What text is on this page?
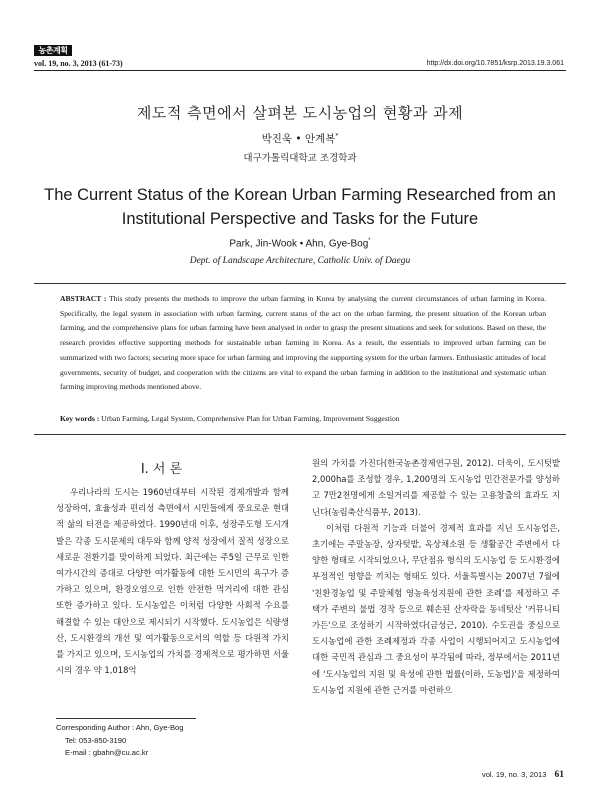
농촌계획
vol. 19, no. 3, 2013 (61-73)	http://dx.doi.org/10.7851/ksrp.2013.19.3.061
제도적 측면에서 살펴본 도시농업의 현황과 과제
박진욱 • 안계복*
대구가톨릭대학교 조경학과
The Current Status of the Korean Urban Farming Researched from an Institutional Perspective and Tasks for the Future
Park, Jin-Wook • Ahn, Gye-Bog*
Dept. of Landscape Architecture, Catholic Univ. of Daegu
ABSTRACT : This study presents the methods to improve the urban farming in Korea by analysing the current circumstances of urban farming in Korea. Specifically, the legal system in association with urban farming, current status of the act on the urban farming, the present situation of the Korean urban farming, and the comprehensive plans for urban farming have been analysed in order to grasp the present situations and seek for solutions. Based on these, the research provides effective supporting methods for sustainable urban farming in Korea. As a result, the essentials to improved urban farming can be summarized with two factors; securing more space for urban farming and improving the supporting system for the urban farmers. Enthusiastic attitudes of local governments, security of budget, and cooperation with the citizens are vital to expand the urban farming in addition to the institutional and systematic urban farming improving methods mentioned above.
Key words : Urban Farming, Legal System, Comprehensive Plan for Urban Farming, Improvement Suggestion
Ⅰ. 서 론

우리나라의 도시는 1960년대부터 시작된 경제개발과 함께 성장하여, 효율성과 편리성 측면에서 시민들에게 풍요로운 현대적 삶의 터전을 제공하였다. 1990년대 이후, 성장주도형 도시개발은 각종 도시문제의 대두와 함께 양적 성장에서 질적 성장으로 새로운 전환기를 맞이하게 되었다. 최근에는 주5일 근무로 인한 여가시간의 증대로 다양한 여가활동에 대한 도시민의 욕구가 증가하고 있으며, 환경오염으로 인한 안전한 먹거리에 대한 관심 또한 증가하고 있다. 도시농업은 이처럼 다양한 사회적 수요를 해결할 수 있는 대안으로 제시되기 시작했다. 도시농업은 식량생산, 도시환경의 개선 및 여가활동으로서의 역할 등 다원적 가치를 가지고 있으며, 도시농업의 가치를 경제적으로 평가하면 서울시의 경우 약 1,018억

원의 가치를 가진다(한국농촌경제연구원, 2012). 더욱이, 도시텃밭 2,000ha를 조성할 경우, 1,200명의 도시농업 민간전문가를 양성하고 7만2천명에게 소일거리를 제공할 수 있는 고용창출의 효과도 지닌다(농림축산식품부, 2013).

이처럼 다원적 기능과 더불어 경제적 효과를 지닌 도시농업은, 초기에는 주말농장, 상자텃밭, 옥상채소원 등 생활공간 주변에서 다양한 형태로 시작되었으나, 무단점유 형식의 도시농업 등 도시환경에 부정적인 영향을 끼치는 형태도 있다. 서울특별시는 2007년 7월에 '친환경농업 및 주말체험 영농육성지원에 관한 조례'를 제정하고 주택가 주변의 불법 경작 등으로 훼손된 산자락을 동네텃산 '커뮤니티 가든'으로 조성하기 시작하였다(금성근, 2010). 수도권을 중심으로 도시농업에 관한 조례제정과 각종 사업이 시행되어지고 도시농업에 대한 국민적 관심과 그 중요성이 부각됨에 따라, 정부에서는 2011년에 '도시농업의 지원 및 육성에 관한 법률(이하, 도농법)'을 제정하여 도시농업 지원에 관한 근거를 마련하으

Corresponding Author : Ahn, Gye-Bog
Tel: 053-850-3190
E-mail : gbahn@cu.ac.kr
vol. 19, no. 3, 2013 61
